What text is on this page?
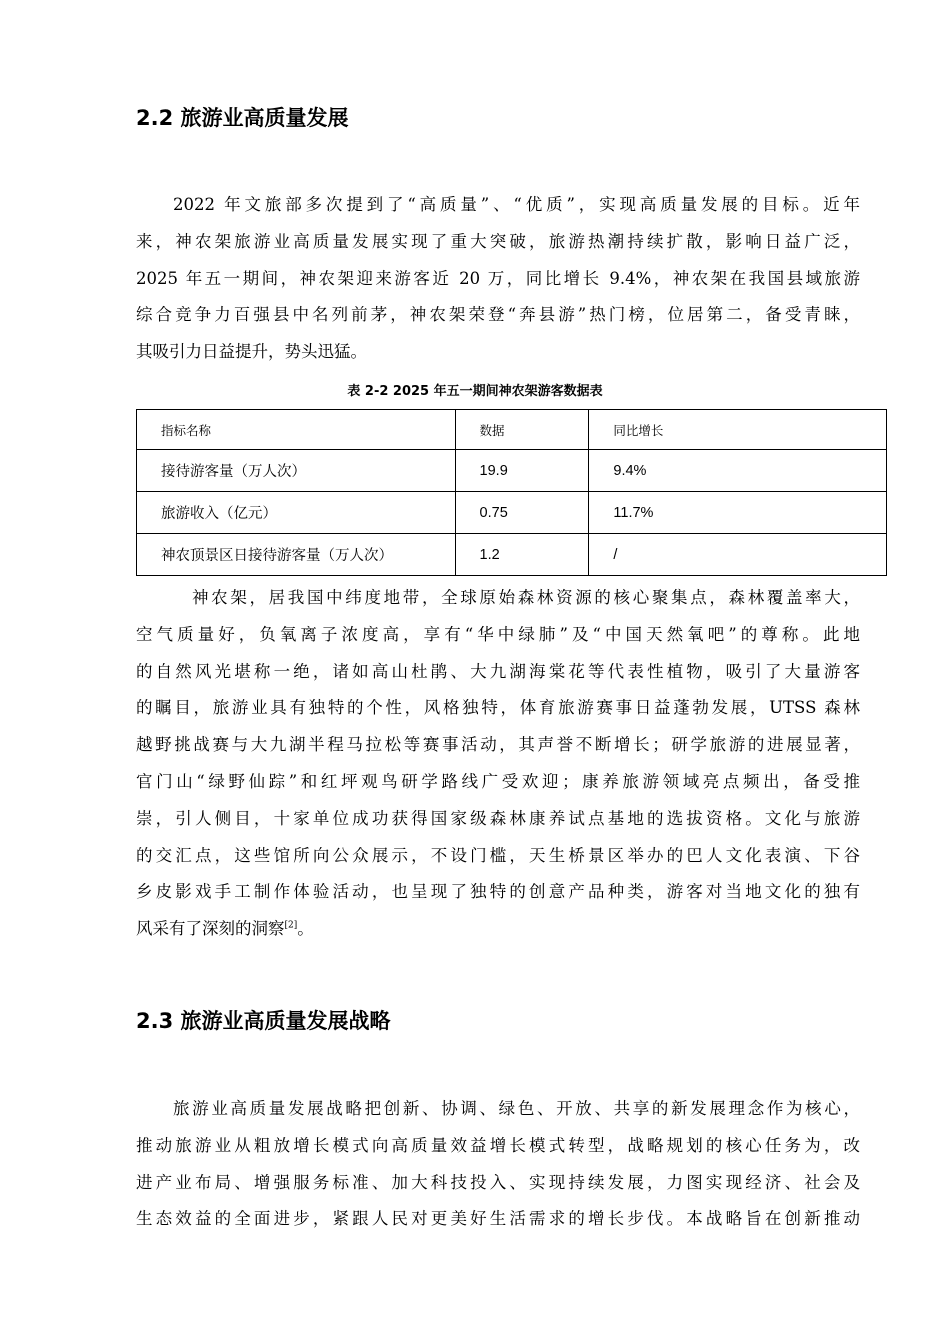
2.2 旅游业高质量发展
2022 年文旅部多次提到了“高质量”、“优质”，实现高质量发展的目标。近年
来，神农架旅游业高质量发展实现了重大突破，旅游热潮持续扩散，影响日益广泛，
2025 年五一期间，神农架迎来游客近 20 万，同比增长 9.4%，神农架在我国县域旅游
综合竞争力百强县中名列前茅，神农架荣登“奔县游”热门榜，位居第二，备受青睐，
其吸引力日益提升，势头迅猛。

表 2-2 2025 年五一期间神农架游客数据表

指标名称	数据	同比增长
接待游客量（万人次）	19.9	9.4%
旅游收入（亿元）	0.75	11.7%
神农顶景区日接待游客量（万人次）	1.2	/
神农架，居我国中纬度地带，全球原始森林资源的核心聚集点，森林覆盖率大，
空气质量好，负氧离子浓度高，享有“华中绿肺”及“中国天然氧吧”的尊称。此地
的自然风光堪称一绝，诸如高山杜鹃、大九湖海棠花等代表性植物，吸引了大量游客
的瞩目，旅游业具有独特的个性，风格独特，体育旅游赛事日益蓬勃发展，UTSS 森林
越野挑战赛与大九湖半程马拉松等赛事活动，其声誉不断增长；研学旅游的进展显著，
官门山“绿野仙踪”和红坪观鸟研学路线广受欢迎；康养旅游领域亮点频出，备受推
崇，引人侧目，十家单位成功获得国家级森林康养试点基地的选拔资格。文化与旅游
的交汇点，这些馆所向公众展示，不设门槛，天生桥景区举办的巴人文化表演、下谷
乡皮影戏手工制作体验活动，也呈现了独特的创意产品种类，游客对当地文化的独有
风采有了深刻的洞察[2]。
2.3 旅游业高质量发展战略
旅游业高质量发展战略把创新、协调、绿色、开放、共享的新发展理念作为核心，
推动旅游业从粗放增长模式向高质量效益增长模式转型，战略规划的核心任务为，改
进产业布局、增强服务标准、加大科技投入、实现持续发展，力图实现经济、社会及
生态效益的全面进步，紧跟人民对更美好生活需求的增长步伐。本战略旨在创新推动
